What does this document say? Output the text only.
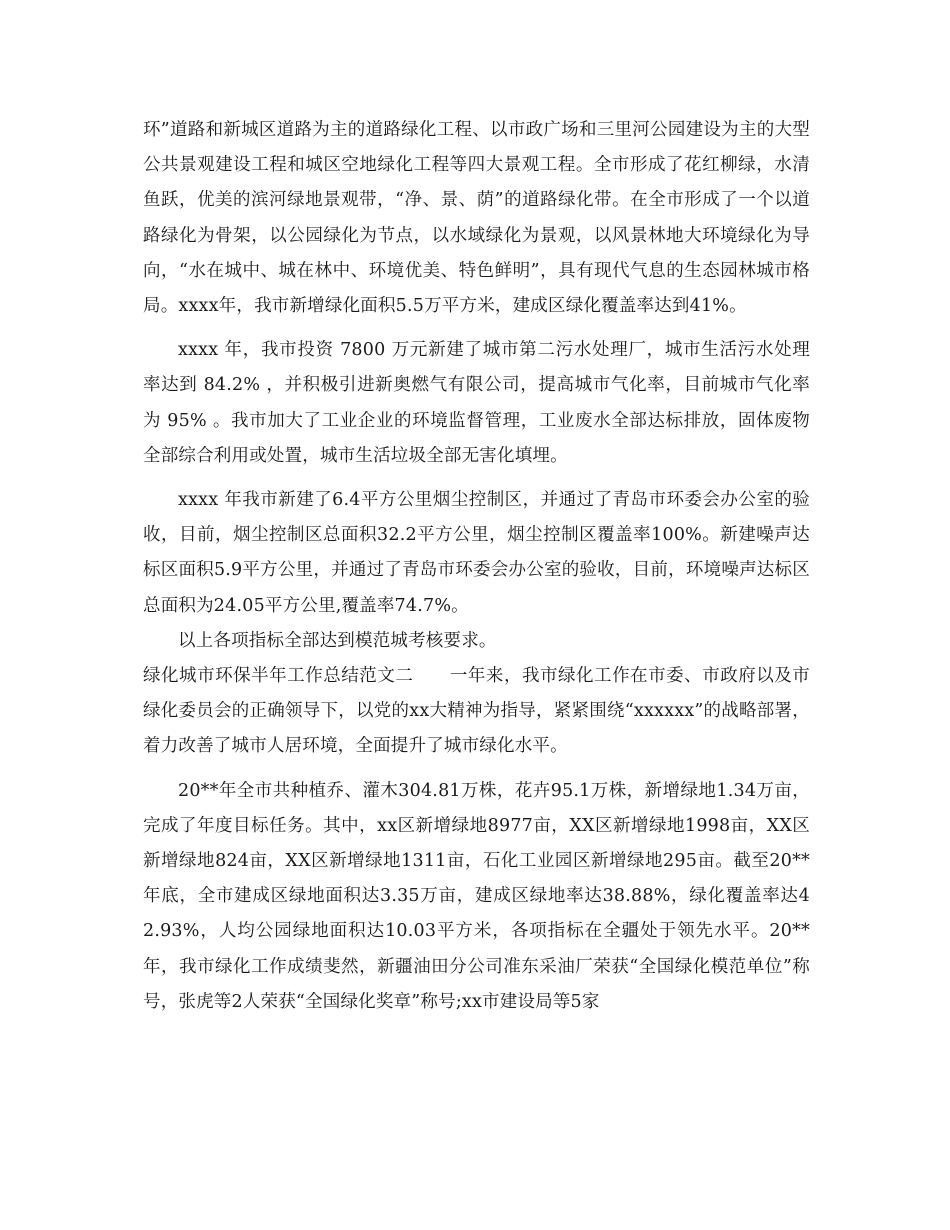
环”道路和新城区道路为主的道路绿化工程、以市政广场和三里河公园建设为主的大型公共景观建设工程和城区空地绿化工程等四大景观工程。全市形成了花红柳绿，水清鱼跃，优美的滨河绿地景观带，“净、景、荫”的道路绿化带。在全市形成了一个以道路绿化为骨架，以公园绿化为节点，以水域绿化为景观，以风景林地大环境绿化为导向，“水在城中、城在林中、环境优美、特色鲜明”，具有现代气息的生态园林城市格局。xxxx年，我市新增绿化面积5.5万平方米，建成区绿化覆盖率达到41%。

xxxx 年，我市投资 7800 万元新建了城市第二污水处理厂，城市生活污水处理率达到 84.2% ，并积极引进新奥燃气有限公司，提高城市气化率，目前城市气化率为 95% 。我市加大了工业企业的环境监督管理，工业废水全部达标排放，固体废物全部综合利用或处置，城市生活垃圾全部无害化填埋。

xxxx 年我市新建了6.4平方公里烟尘控制区，并通过了青岛市环委会办公室的验收，目前，烟尘控制区总面积32.2平方公里，烟尘控制区覆盖率100%。新建噪声达标区面积5.9平方公里，并通过了青岛市环委会办公室的验收，目前，环境噪声达标区总面积为24.05平方公里,覆盖率74.7%。

以上各项指标全部达到模范城考核要求。

绿化城市环保半年工作总结范文二 一年来，我市绿化工作在市委、市政府以及市绿化委员会的正确领导下，以党的xx大精神为指导，紧紧围绕“xxxxxx”的战略部署，着力改善了城市人居环境，全面提升了城市绿化水平。

20**年全市共种植乔、灌木304.81万株，花卉95.1万株，新增绿地1.34万亩，完成了年度目标任务。其中，xx区新增绿地8977亩，XX区新增绿地1998亩，XX区新增绿地824亩，XX区新增绿地1311亩，石化工业园区新增绿地295亩。截至20**年底，全市建成区绿地面积达3.35万亩，建成区绿地率达38.88%，绿化覆盖率达42.93%，人均公园绿地面积达10.03平方米，各项指标在全疆处于领先水平。20**年，我市绿化工作成绩斐然，新疆油田分公司准东采油厂荣获“全国绿化模范单位”称号，张虎等2人荣获“全国绿化奖章”称号;xx市建设局等5家
